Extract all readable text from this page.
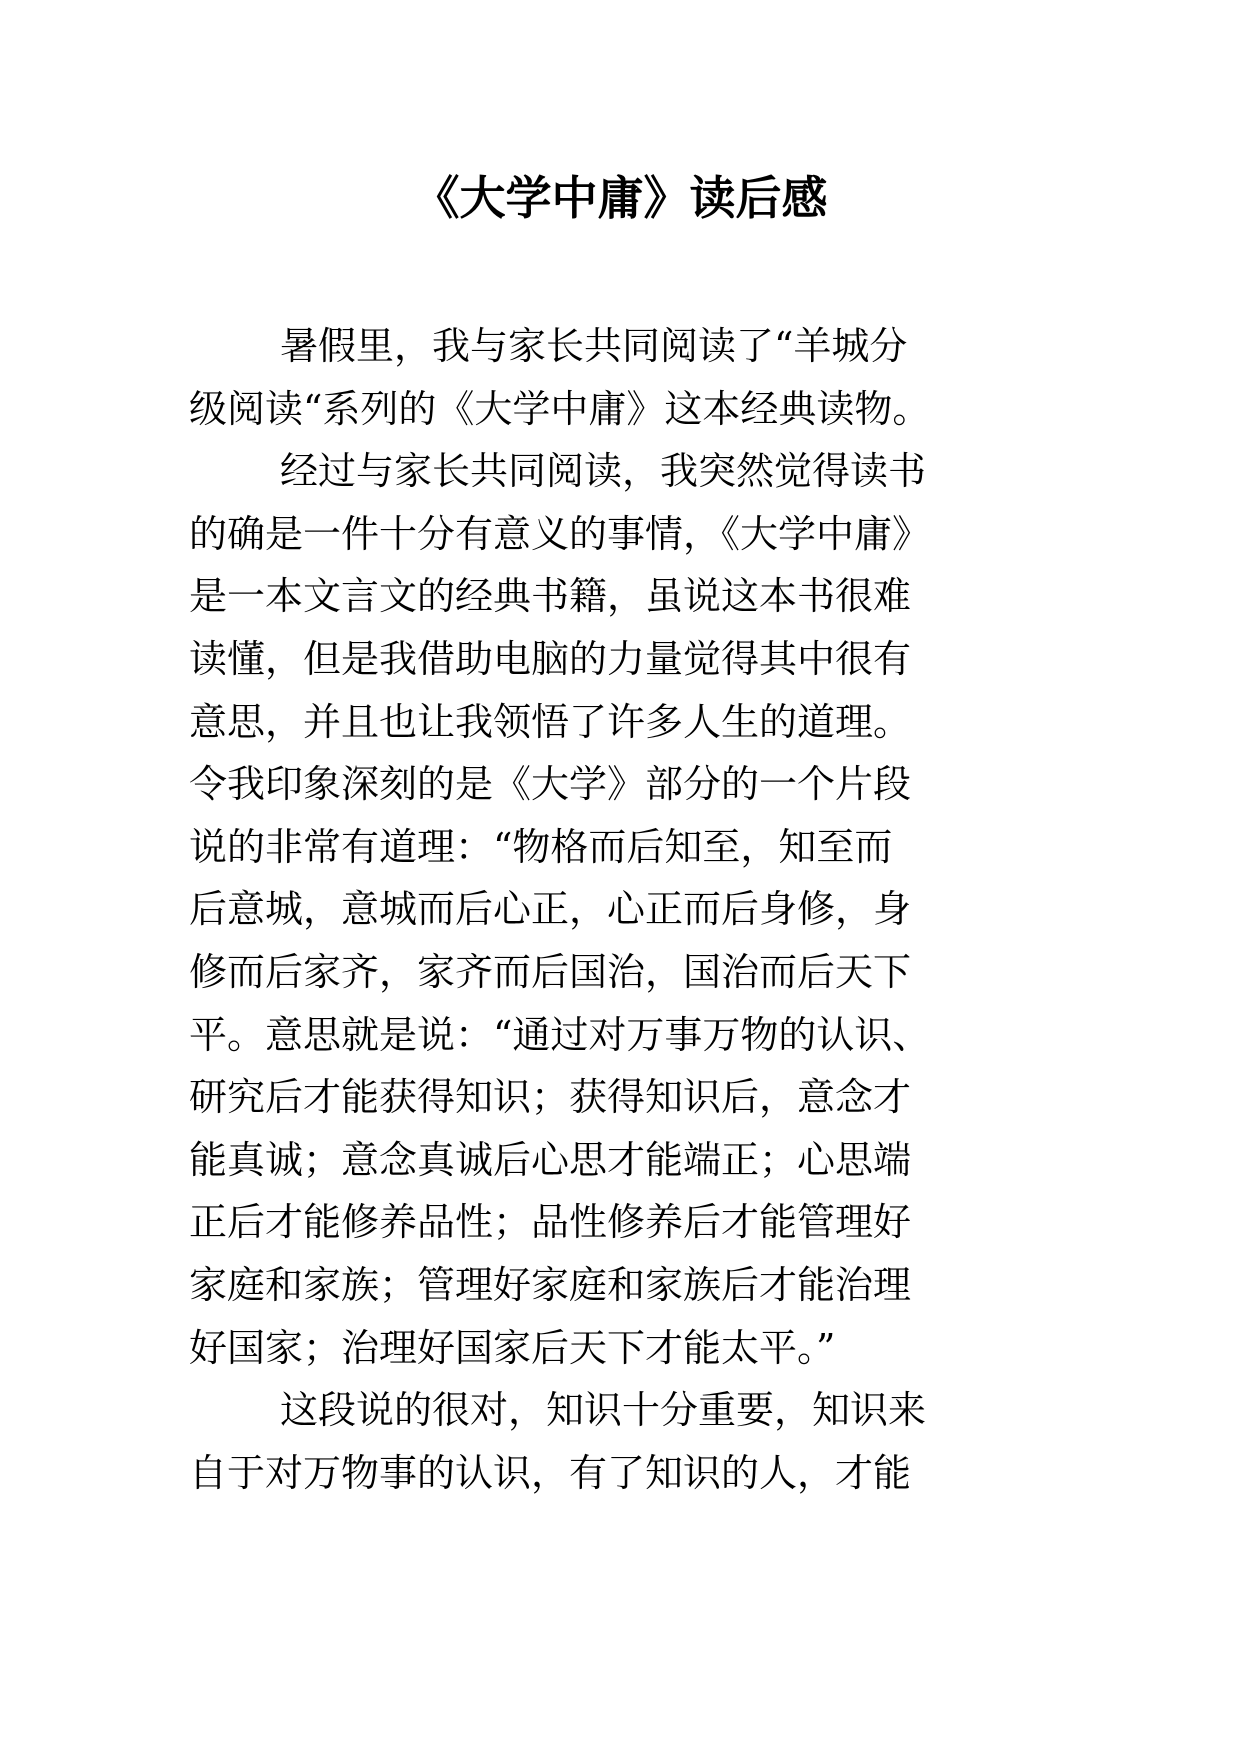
《大学中庸》读后感
暑假里，我与家长共同阅读了“羊城分
级阅读“系列的《大学中庸》这本经典读物。
经过与家长共同阅读，我突然觉得读书
的确是一件十分有意义的事情，《大学中庸》
是一本文言文的经典书籍，虽说这本书很难
读懂，但是我借助电脑的力量觉得其中很有
意思，并且也让我领悟了许多人生的道理。
令我印象深刻的是《大学》部分的一个片段
说的非常有道理：“物格而后知至，知至而
后意城，意城而后心正，心正而后身修，身
修而后家齐，家齐而后国治，国治而后天下
平。意思就是说：“通过对万事万物的认识、
研究后才能获得知识；获得知识后，意念才
能真诚；意念真诚后心思才能端正；心思端
正后才能修养品性；品性修养后才能管理好
家庭和家族；管理好家庭和家族后才能治理
好国家；治理好国家后天下才能太平。”
这段说的很对，知识十分重要，知识来
自于对万物事的认识，有了知识的人，才能
